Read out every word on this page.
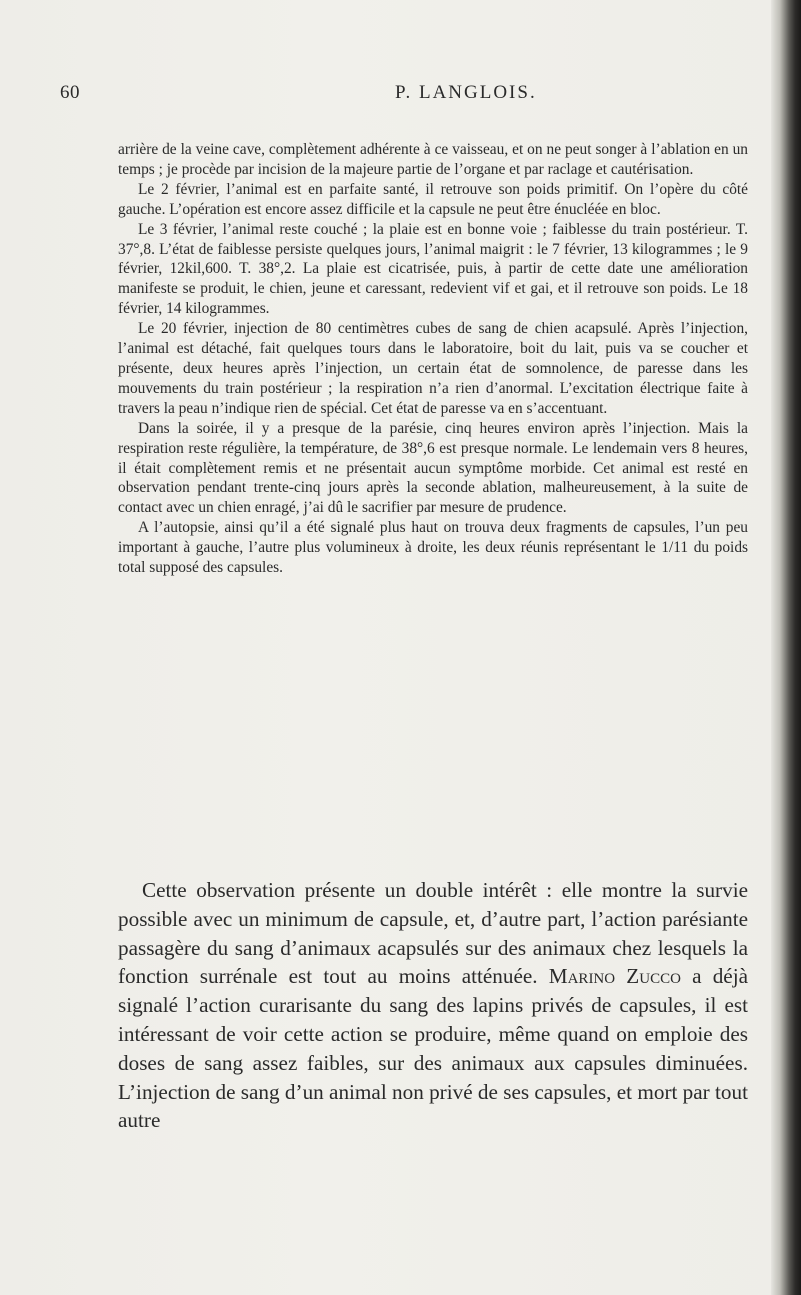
60	P. LANGLOIS.

arrière de la veine cave, complètement adhérente à ce vaisseau, et on ne peut songer à l’ablation en un temps ; je procède par incision de la majeure partie de l’organe et par raclage et cautérisation.

Le 2 février, l’animal est en parfaite santé, il retrouve son poids primitif. On l’opère du côté gauche. L’opération est encore assez difficile et la capsule ne peut être énucléée en bloc.

Le 3 février, l’animal reste couché ; la plaie est en bonne voie ; faiblesse du train postérieur. T. 37°,8. L’état de faiblesse persiste quelques jours, l’animal maigrit : le 7 février, 13 kilogrammes ; le 9 février, 12kil,600. T. 38°,2. La plaie est cicatrisée, puis, à partir de cette date une amélioration manifeste se produit, le chien, jeune et caressant, redevient vif et gai, et il retrouve son poids. Le 18 février, 14 kilogrammes.

Le 20 février, injection de 80 centimètres cubes de sang de chien acapsulé. Après l’injection, l’animal est détaché, fait quelques tours dans le laboratoire, boit du lait, puis va se coucher et présente, deux heures après l’injection, un certain état de somnolence, de paresse dans les mouvements du train postérieur ; la respiration n’a rien d’anormal. L’excitation électrique faite à travers la peau n’indique rien de spécial. Cet état de paresse va en s’accentuant.

Dans la soirée, il y a presque de la parésie, cinq heures environ après l’injection. Mais la respiration reste régulière, la température, de 38°,6 est presque normale. Le lendemain vers 8 heures, il était complètement remis et ne présentait aucun symptôme morbide. Cet animal est resté en observation pendant trente-cinq jours après la seconde ablation, malheureusement, à la suite de contact avec un chien enragé, j’ai dû le sacrifier par mesure de prudence.

A l’autopsie, ainsi qu’il a été signalé plus haut on trouva deux fragments de capsules, l’un peu important à gauche, l’autre plus volumineux à droite, les deux réunis représentant le 1/11 du poids total supposé des capsules.

Cette observation présente un double intérêt : elle montre la survie possible avec un minimum de capsule, et, d’autre part, l’action parésiante passagère du sang d’animaux acapsulés sur des animaux chez lesquels la fonction surrénale est tout au moins atténuée. Marino Zucco a déjà signalé l’action curarisante du sang des lapins privés de capsules, il est intéressant de voir cette action se produire, même quand on emploie des doses de sang assez faibles, sur des animaux aux capsules diminuées. L’injection de sang d’un animal non privé de ses capsules, et mort par tout autre
